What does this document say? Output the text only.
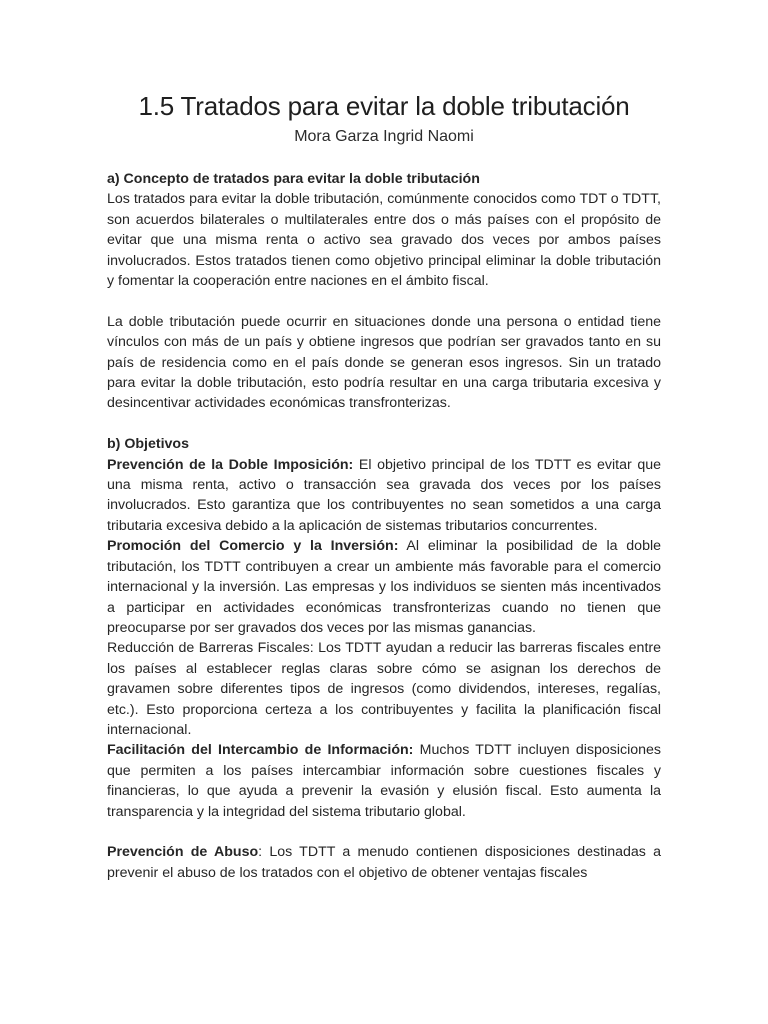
1.5 Tratados para evitar la doble tributación

Mora Garza Ingrid Naomi

a) Concepto de tratados para evitar la doble tributación

Los tratados para evitar la doble tributación, comúnmente conocidos como TDT o TDTT, son acuerdos bilaterales o multilaterales entre dos o más países con el propósito de evitar que una misma renta o activo sea gravado dos veces por ambos países involucrados. Estos tratados tienen como objetivo principal eliminar la doble tributación y fomentar la cooperación entre naciones en el ámbito fiscal.

La doble tributación puede ocurrir en situaciones donde una persona o entidad tiene vínculos con más de un país y obtiene ingresos que podrían ser gravados tanto en su país de residencia como en el país donde se generan esos ingresos. Sin un tratado para evitar la doble tributación, esto podría resultar en una carga tributaria excesiva y desincentivar actividades económicas transfronterizas.

b) Objetivos

Prevención de la Doble Imposición: El objetivo principal de los TDTT es evitar que una misma renta, activo o transacción sea gravada dos veces por los países involucrados. Esto garantiza que los contribuyentes no sean sometidos a una carga tributaria excesiva debido a la aplicación de sistemas tributarios concurrentes.

Promoción del Comercio y la Inversión: Al eliminar la posibilidad de la doble tributación, los TDTT contribuyen a crear un ambiente más favorable para el comercio internacional y la inversión. Las empresas y los individuos se sienten más incentivados a participar en actividades económicas transfronterizas cuando no tienen que preocuparse por ser gravados dos veces por las mismas ganancias.

Reducción de Barreras Fiscales: Los TDTT ayudan a reducir las barreras fiscales entre los países al establecer reglas claras sobre cómo se asignan los derechos de gravamen sobre diferentes tipos de ingresos (como dividendos, intereses, regalías, etc.). Esto proporciona certeza a los contribuyentes y facilita la planificación fiscal internacional.

Facilitación del Intercambio de Información: Muchos TDTT incluyen disposiciones que permiten a los países intercambiar información sobre cuestiones fiscales y financieras, lo que ayuda a prevenir la evasión y elusión fiscal. Esto aumenta la transparencia y la integridad del sistema tributario global.

Prevención de Abuso: Los TDTT a menudo contienen disposiciones destinadas a prevenir el abuso de los tratados con el objetivo de obtener ventajas fiscales
